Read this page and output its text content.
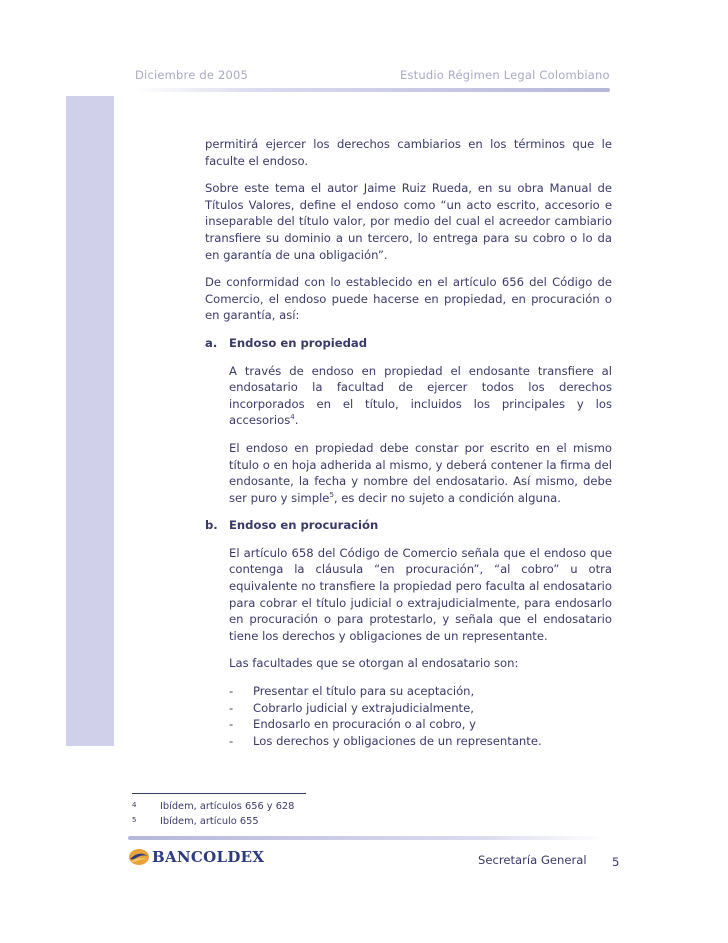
Diciembre de 2005	Estudio Régimen Legal Colombiano

permitirá ejercer los derechos cambiarios en los términos que le faculte el endoso.

Sobre este tema el autor Jaime Ruiz Rueda, en su obra Manual de Títulos Valores, define el endoso como “un acto escrito, accesorio e inseparable del título valor, por medio del cual el acreedor cambiario transfiere su dominio a un tercero, lo entrega para su cobro o lo da en garantía de una obligación”.

De conformidad con lo establecido en el artículo 656 del Código de Comercio, el endoso puede hacerse en propiedad, en procuración o en garantía, así:

a.	Endoso en propiedad

A través de endoso en propiedad el endosante transfiere al endosatario la facultad de ejercer todos los derechos incorporados en el título, incluidos los principales y los accesorios$^4$.

El endoso en propiedad debe constar por escrito en el mismo título o en hoja adherida al mismo, y deberá contener la firma del endosante, la fecha y nombre del endosatario. Así mismo, debe ser puro y simple$^5$, es decir no sujeto a condición alguna.

b. Endoso en procuración

El artículo 658 del Código de Comercio señala que el endoso que contenga la cláusula “en procuración”, “al cobro” u otra equivalente no transfiere la propiedad pero faculta al endosatario para cobrar el título judicial o extrajudicialmente, para endosarlo en procuración o para protestarlo, y señala que el endosatario tiene los derechos y obligaciones de un representante.

Las facultades que se otorgan al endosatario son:

-	Presentar el título para su aceptación,
-	Cobrarlo judicial y extrajudicialmente,
-	Endosarlo en procuración o al cobro, y
-	Los derechos y obligaciones de un representante.
4	Ibídem, artículos 656 y 628
5	Ibídem, artículo 655
BANCOLDEX	Secretaría General 5
